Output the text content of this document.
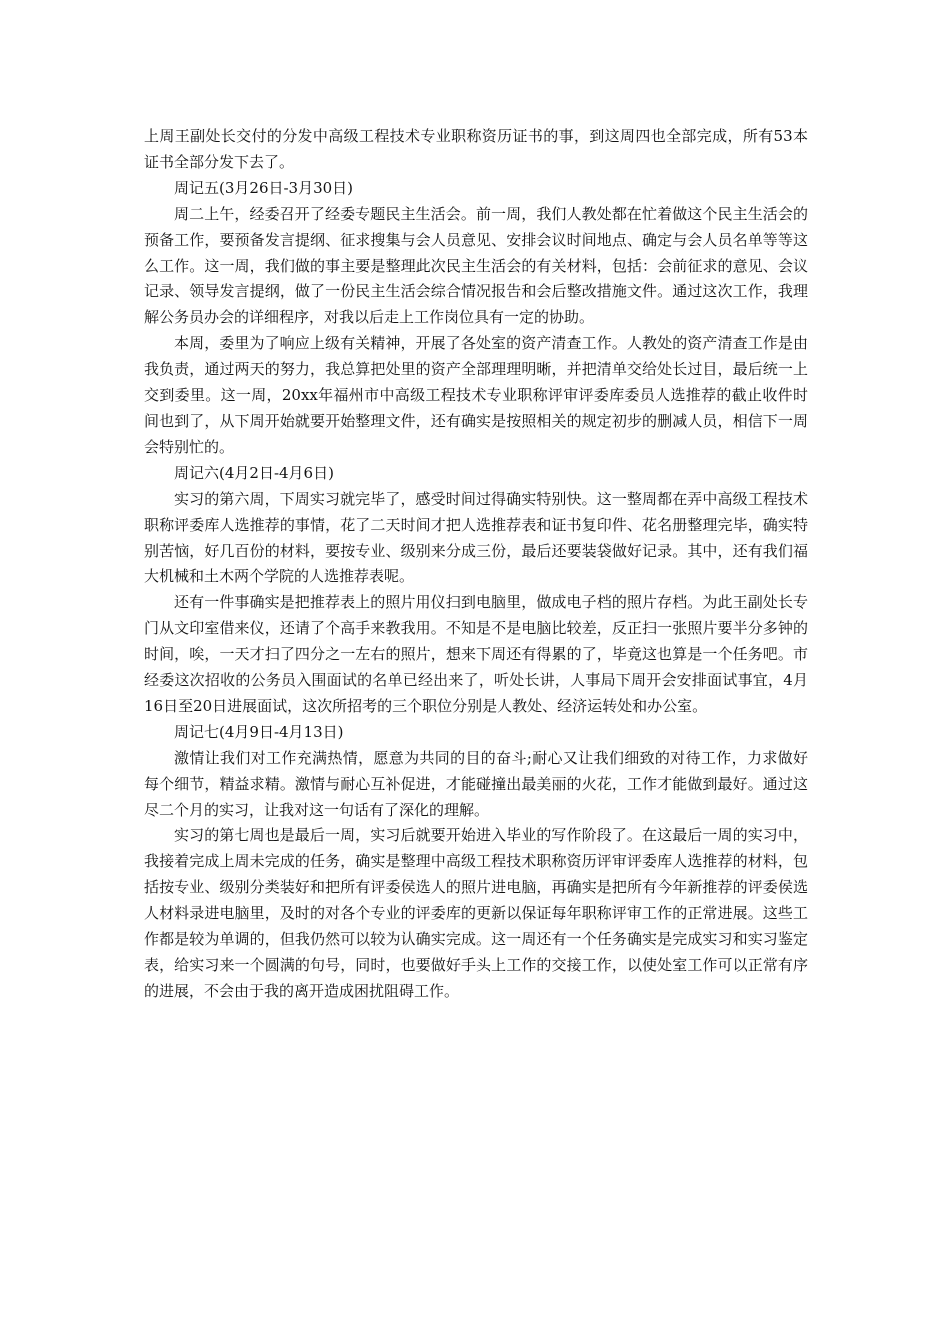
上周王副处长交付的分发中高级工程技术专业职称资历证书的事，到这周四也全部完成，所有53本证书全部分发下去了。

周记五(3月26日-3月30日)

周二上午，经委召开了经委专题民主生活会。前一周，我们人教处都在忙着做这个民主生活会的预备工作，要预备发言提纲、征求搜集与会人员意见、安排会议时间地点、确定与会人员名单等等这么工作。这一周，我们做的事主要是整理此次民主生活会的有关材料，包括：会前征求的意见、会议记录、领导发言提纲，做了一份民主生活会综合情况报告和会后整改措施文件。通过这次工作，我理解公务员办会的详细程序，对我以后走上工作岗位具有一定的协助。

本周，委里为了响应上级有关精神，开展了各处室的资产清查工作。人教处的资产清查工作是由我负责，通过两天的努力，我总算把处里的资产全部理理明晰，并把清单交给处长过目，最后统一上交到委里。这一周，20xx年福州市中高级工程技术专业职称评审评委库委员人选推荐的截止收件时间也到了，从下周开始就要开始整理文件，还有确实是按照相关的规定初步的删减人员，相信下一周会特别忙的。

周记六(4月2日-4月6日)

实习的第六周，下周实习就完毕了，感受时间过得确实特别快。这一整周都在弄中高级工程技术职称评委库人选推荐的事情，花了二天时间才把人选推荐表和证书复印件、花名册整理完毕，确实特别苦恼，好几百份的材料，要按专业、级别来分成三份，最后还要装袋做好记录。其中，还有我们福大机械和土木两个学院的人选推荐表呢。

还有一件事确实是把推荐表上的照片用仪扫到电脑里，做成电子档的照片存档。为此王副处长专门从文印室借来仪，还请了个高手来教我用。不知是不是电脑比较差，反正扫一张照片要半分多钟的时间，唉，一天才扫了四分之一左右的照片，想来下周还有得累的了，毕竟这也算是一个任务吧。市经委这次招收的公务员入围面试的名单已经出来了，听处长讲，人事局下周开会安排面试事宜，4月16日至20日进展面试，这次所招考的三个职位分别是人教处、经济运转处和办公室。

周记七(4月9日-4月13日)

激情让我们对工作充满热情，愿意为共同的目的奋斗;耐心又让我们细致的对待工作，力求做好每个细节，精益求精。激情与耐心互补促进，才能碰撞出最美丽的火花，工作才能做到最好。通过这尽二个月的实习，让我对这一句话有了深化的理解。

实习的第七周也是最后一周，实习后就要开始进入毕业的写作阶段了。在这最后一周的实习中，我接着完成上周未完成的任务，确实是整理中高级工程技术职称资历评审评委库人选推荐的材料，包括按专业、级别分类装好和把所有评委侯选人的照片进电脑，再确实是把所有今年新推荐的评委侯选人材料录进电脑里，及时的对各个专业的评委库的更新以保证每年职称评审工作的正常进展。这些工作都是较为单调的，但我仍然可以较为认确实完成。这一周还有一个任务确实是完成实习和实习鉴定表，给实习来一个圆满的句号，同时，也要做好手头上工作的交接工作，以使处室工作可以正常有序的进展，不会由于我的离开造成困扰阻碍工作。
